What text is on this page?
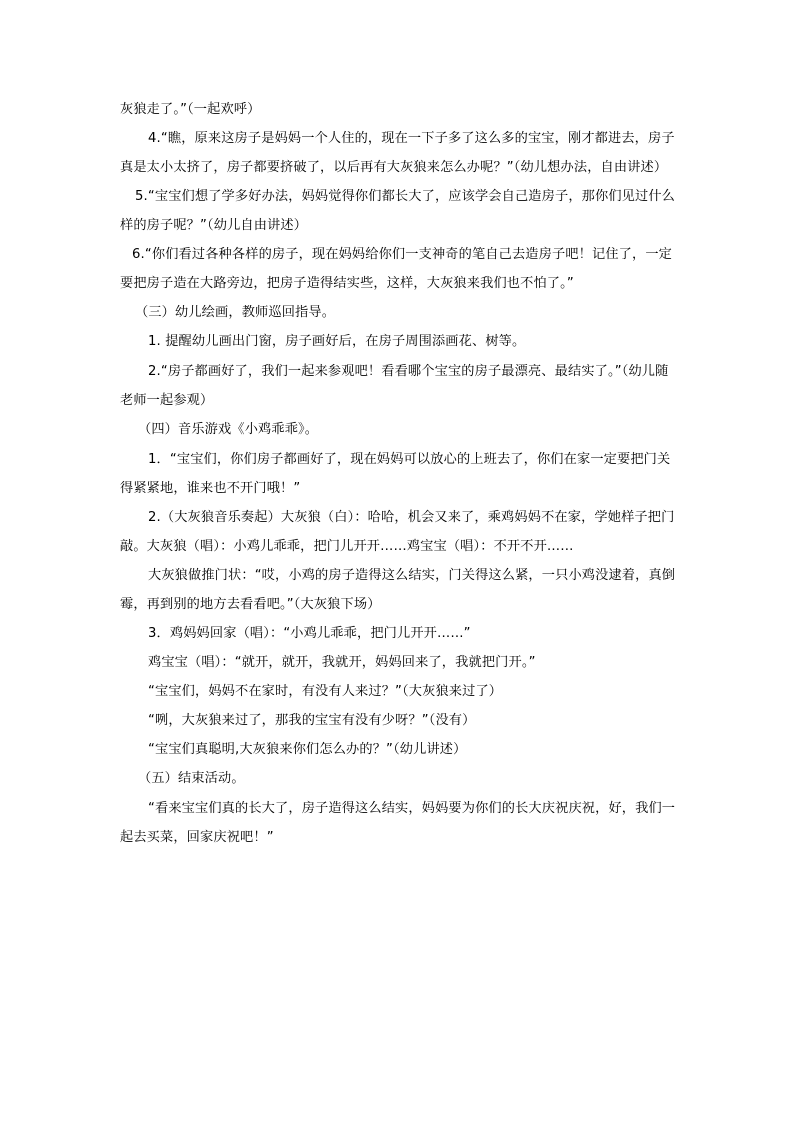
灰狼走了。”（一起欢呼）
4.“瞧，原来这房子是妈妈一个人住的，现在一下子多了这么多的宝宝，刚才都进去，房子
真是太小太挤了，房子都要挤破了，以后再有大灰狼来怎么办呢？”（幼儿想办法，自由讲述）
5.“宝宝们想了学多好办法，妈妈觉得你们都长大了，应该学会自己造房子，那你们见过什么
样的房子呢？”（幼儿自由讲述）
6.“你们看过各种各样的房子，现在妈妈给你们一支神奇的笔自己去造房子吧！记住了，一定
要把房子造在大路旁边，把房子造得结实些，这样，大灰狼来我们也不怕了。”
（三）幼儿绘画，教师巡回指导。
1. 提醒幼儿画出门窗，房子画好后，在房子周围添画花、树等。
2.“房子都画好了，我们一起来参观吧！看看哪个宝宝的房子最漂亮、最结实了。”（幼儿随
老师一起参观）
（四）音乐游戏《小鸡乖乖》。
1．“宝宝们，你们房子都画好了，现在妈妈可以放心的上班去了，你们在家一定要把门关
得紧紧地，谁来也不开门哦！”
2.（大灰狼音乐奏起）大灰狼（白）：哈哈，机会又来了，乘鸡妈妈不在家，学她样子把门
敲。大灰狼（唱）：小鸡儿乖乖，把门儿开开……鸡宝宝（唱）：不开不开……
大灰狼做推门状：“哎，小鸡的房子造得这么结实，门关得这么紧，一只小鸡没逮着，真倒
霉，再到别的地方去看看吧。”（大灰狼下场）
3．鸡妈妈回家（唱）：“小鸡儿乖乖，把门儿开开……”
鸡宝宝（唱）：“就开，就开，我就开，妈妈回来了，我就把门开。”
“宝宝们，妈妈不在家时，有没有人来过？”（大灰狼来过了）
“咧，大灰狼来过了，那我的宝宝有没有少呀？”（没有）
“宝宝们真聪明,大灰狼来你们怎么办的？”（幼儿讲述）
（五）结束活动。
“看来宝宝们真的长大了，房子造得这么结实，妈妈要为你们的长大庆祝庆祝，好，我们一
起去买菜，回家庆祝吧！”
